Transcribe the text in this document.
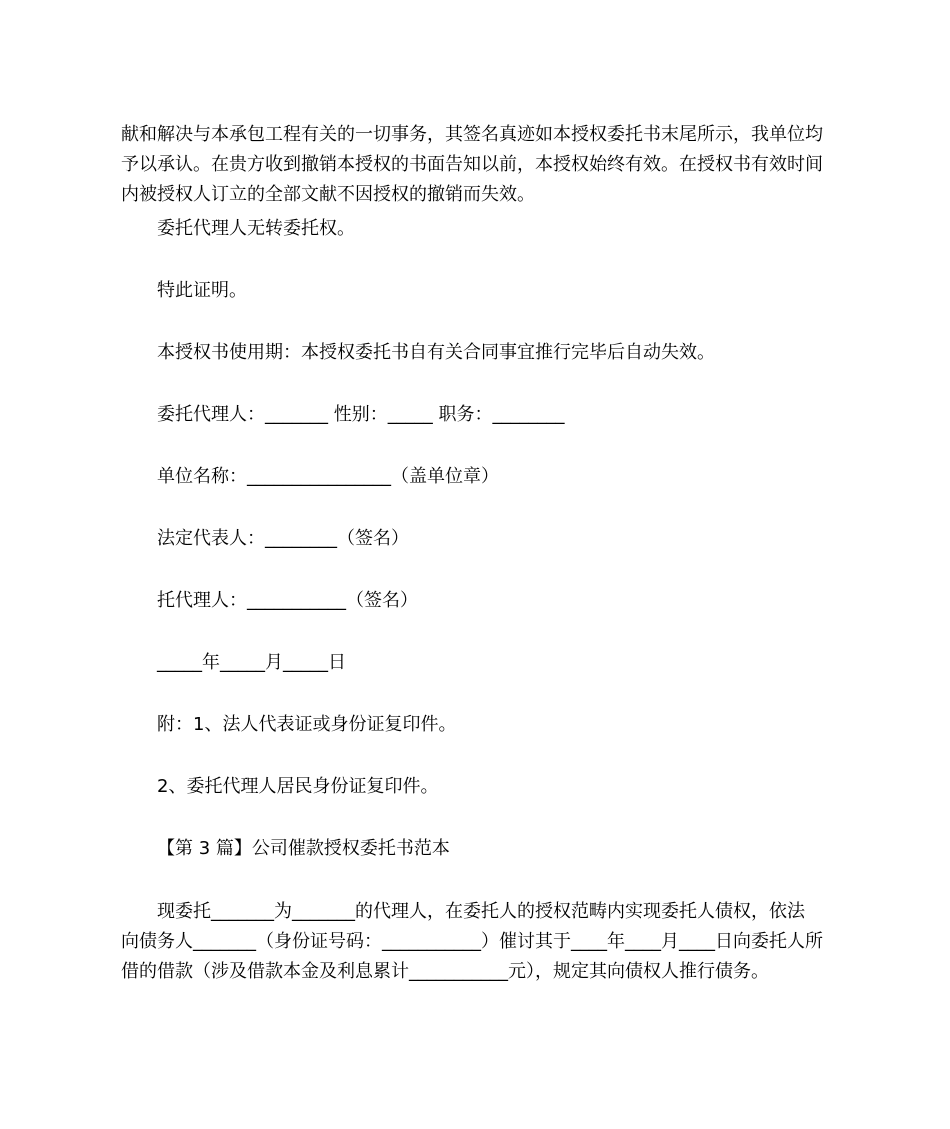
献和解决与本承包工程有关的一切事务，其签名真迹如本授权委托书末尾所示，我单位均
予以承认。在贵方收到撤销本授权的书面告知以前，本授权始终有效。在授权书有效时间
内被授权人订立的全部文献不因授权的撤销而失效。

委托代理人无转委托权。

特此证明。

本授权书使用期：本授权委托书自有关合同事宜推行完毕后自动失效。

委托代理人：_______ 性别：_____ 职务：________

单位名称：________________（盖单位章）

法定代表人：________（签名）

托代理人：___________（签名）

_____年_____月_____日

附：1、法人代表证或身份证复印件。

2、委托代理人居民身份证复印件。

【第 3 篇】公司催款授权委托书范本

现委托_______为_______的代理人，在委托人的授权范畴内实现委托人债权，依法
向债务人_______（身份证号码：___________）催讨其于____年____月____日向委托人所
借的借款（涉及借款本金及利息累计___________元），规定其向债权人推行债务。
